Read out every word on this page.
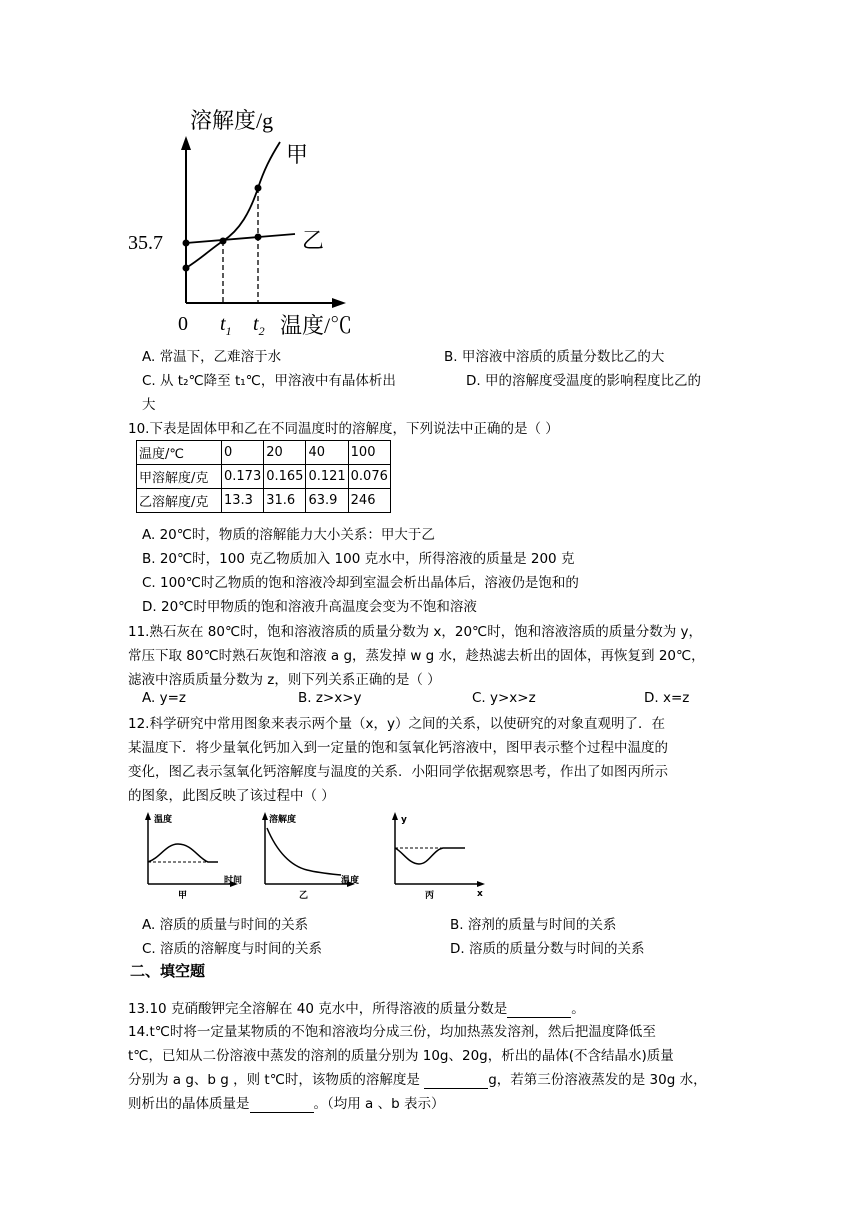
溶解度/g
甲
乙
35.7
0 $t_1$ $t_2$ 温度/℃
A. 常温下，乙难溶于水	B. 甲溶液中溶质的质量分数比乙的大
C. 从 t₂℃降至 t₁℃，甲溶液中有晶体析出	D. 甲的溶解度受温度的影响程度比乙的
大
10.下表是固体甲和乙在不同温度时的溶解度，下列说法中正确的是（ ）
温度/℃	0	20	40	100
甲溶解度/克	0.173	0.165	0.121	0.076
乙溶解度/克	13.3	31.6	63.9	246
A. 20℃时，物质的溶解能力大小关系：甲大于乙
B. 20℃时，100 克乙物质加入 100 克水中，所得溶液的质量是 200 克
C. 100℃时乙物质的饱和溶液冷却到室温会析出晶体后，溶液仍是饱和的
D. 20℃时甲物质的饱和溶液升高温度会变为不饱和溶液
11.熟石灰在 80℃时，饱和溶液溶质的质量分数为 x，20℃时，饱和溶液溶质的质量分数为 y，
常压下取 80℃时熟石灰饱和溶液 a g，蒸发掉 w g 水，趁热滤去析出的固体，再恢复到 20℃，
滤液中溶质质量分数为 z，则下列关系正确的是（ ）
A. y=z	B. z>x>y	C. y>x>z	D. x=z
12.科学研究中常用图象来表示两个量（x，y）之间的关系，以使研究的对象直观明了．在
某温度下．将少量氧化钙加入到一定量的饱和氢氧化钙溶液中，图甲表示整个过程中温度的
变化，图乙表示氢氧化钙溶解度与温度的关系．小阳同学依据观察思考，作出了如图丙所示
的图象，此图反映了该过程中（ ）
温度
时间
甲
溶解度
温度
乙
y
x
丙
A. 溶质的质量与时间的关系	B. 溶剂的质量与时间的关系
C. 溶质的溶解度与时间的关系	D. 溶质的质量分数与时间的关系
二、填空题
13.10 克硝酸钾完全溶解在 40 克水中，所得溶液的质量分数是	。
14.t℃时将一定量某物质的不饱和溶液均分成三份，均加热蒸发溶剂，然后把温度降低至
t℃，已知从二份溶液中蒸发的溶剂的质量分别为 10g、20g，析出的晶体(不含结晶水)质量
分别为 a g、b g ，则 t℃时，该物质的溶解度是	g，若第三份溶液蒸发的是 30g 水，
则析出的晶体质量是	。（均用 a 、b 表示）
